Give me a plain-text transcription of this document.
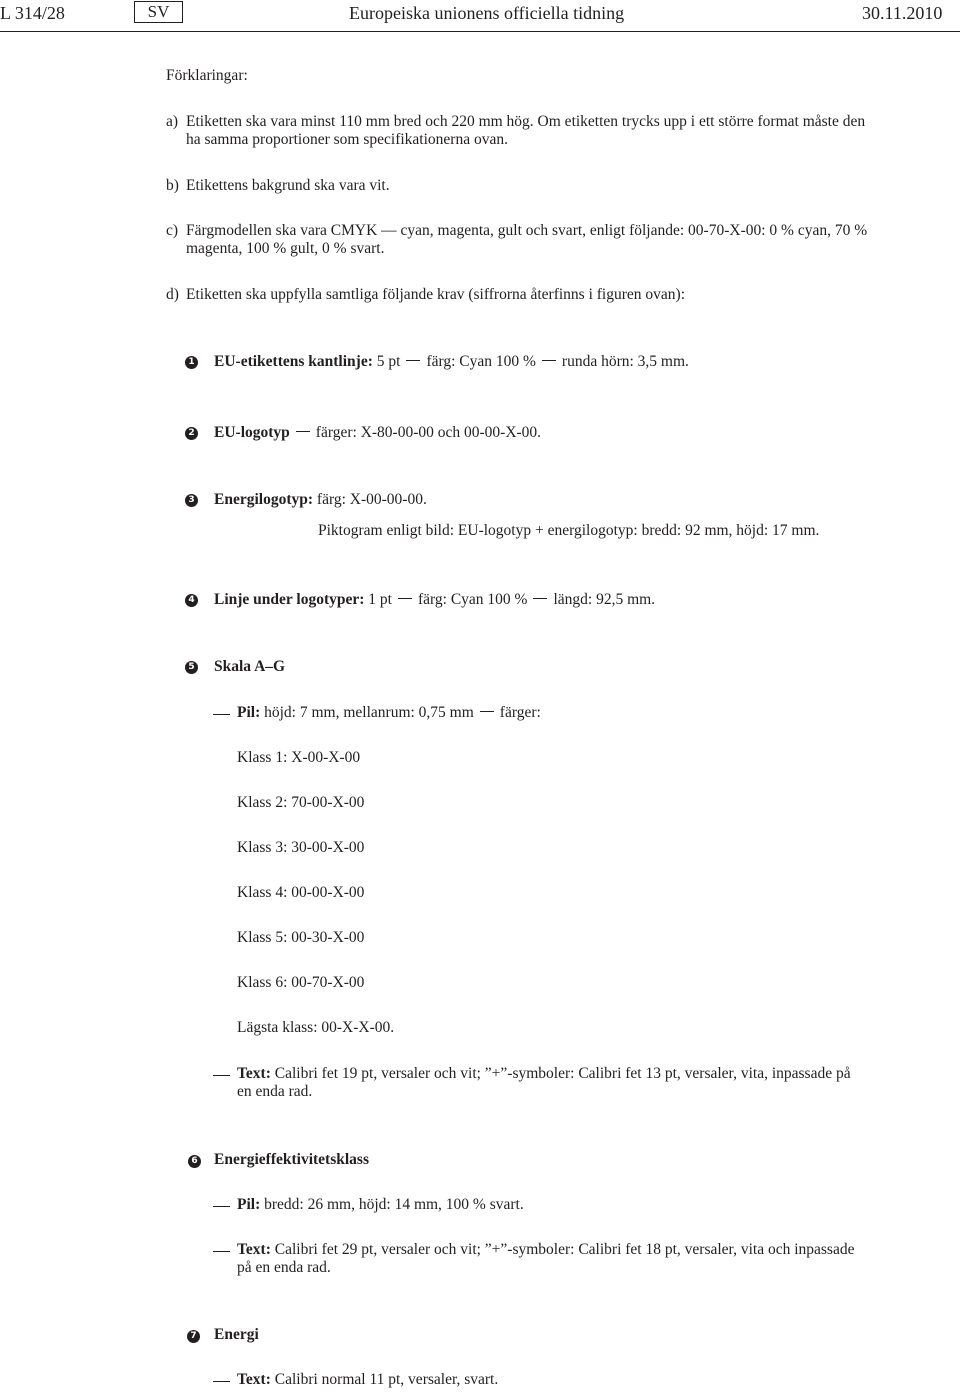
L 314/28	SV	Europeiska unionens officiella tidning	30.11.2010
Förklaringar:
a) Etiketten ska vara minst 110 mm bred och 220 mm hög. Om etiketten trycks upp i ett större format måste den ha samma proportioner som specifikationerna ovan.
b) Etikettens bakgrund ska vara vit.
c) Färgmodellen ska vara CMYK — cyan, magenta, gult och svart, enligt följande: 00-70-X-00: 0 % cyan, 70 % magenta, 100 % gult, 0 % svart.
d) Etiketten ska uppfylla samtliga följande krav (siffrorna återfinns i figuren ovan):
1 EU-etikettens kantlinje: 5 pt färg: Cyan 100 % runda hörn: 3,5 mm.
2 EU-logotyp färger: X-80-00-00 och 00-00-X-00.
3 Energilogotyp: färg: X-00-00-00.
Piktogram enligt bild: EU-logotyp + energilogotyp: bredd: 92 mm, höjd: 17 mm.
4 Linje under logotyper: 1 pt färg: Cyan 100 % längd: 92,5 mm.
5 Skala A–G
Pil: höjd: 7 mm, mellanrum: 0,75 mm färger:
Klass 1: X-00-X-00
Klass 2: 70-00-X-00
Klass 3: 30-00-X-00
Klass 4: 00-00-X-00
Klass 5: 00-30-X-00
Klass 6: 00-70-X-00
Lägsta klass: 00-X-X-00.
Text: Calibri fet 19 pt, versaler och vit; ”+”-symboler: Calibri fet 13 pt, versaler, vita, inpassade på en enda rad.
6 Energieffektivitetsklass
Pil: bredd: 26 mm, höjd: 14 mm, 100 % svart.
Text: Calibri fet 29 pt, versaler och vit; ”+”-symboler: Calibri fet 18 pt, versaler, vita och inpassade på en enda rad.
7 Energi
Text: Calibri normal 11 pt, versaler, svart.
